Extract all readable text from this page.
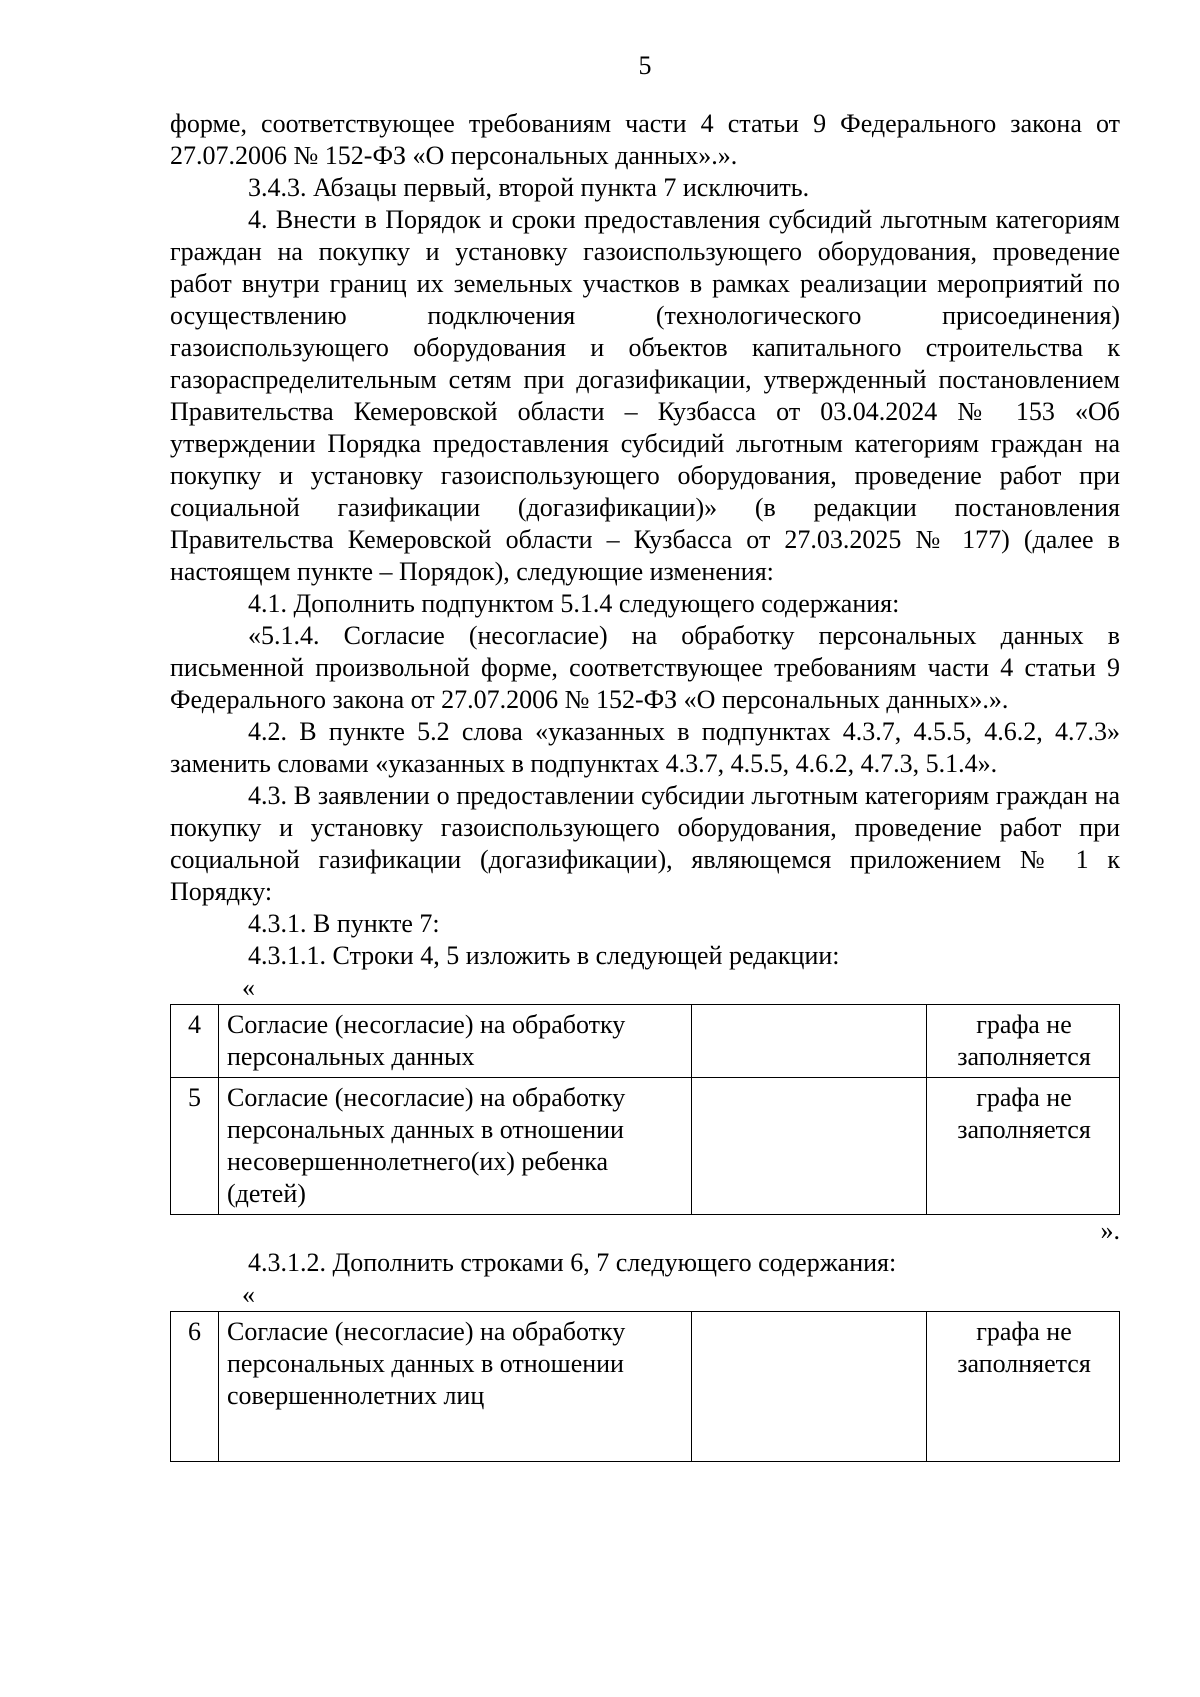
5

форме, соответствующее требованиям части 4 статьи 9 Федерального закона от 27.07.2006 № 152-ФЗ «О персональных данных».».

3.4.3. Абзацы первый, второй пункта 7 исключить.

4. Внести в Порядок и сроки предоставления субсидий льготным категориям граждан на покупку и установку газоиспользующего оборудования, проведение работ внутри границ их земельных участков в рамках реализации мероприятий по осуществлению подключения (технологического присоединения) газоиспользующего оборудования и объектов капитального строительства к газораспределительным сетям при догазификации, утвержденный постановлением Правительства Кемеровской области – Кузбасса от 03.04.2024 № 153 «Об утверждении Порядка предоставления субсидий льготным категориям граждан на покупку и установку газоиспользующего оборудования, проведение работ при социальной газификации (догазификации)» (в редакции постановления Правительства Кемеровской области – Кузбасса от 27.03.2025 № 177) (далее в настоящем пункте – Порядок), следующие изменения:

4.1. Дополнить подпунктом 5.1.4 следующего содержания:

«5.1.4. Согласие (несогласие) на обработку персональных данных в письменной произвольной форме, соответствующее требованиям части 4 статьи 9 Федерального закона от 27.07.2006 № 152-ФЗ «О персональных данных».».

4.2. В пункте 5.2 слова «указанных в подпунктах 4.3.7, 4.5.5, 4.6.2, 4.7.3» заменить словами «указанных в подпунктах 4.3.7, 4.5.5, 4.6.2, 4.7.3, 5.1.4».

4.3. В заявлении о предоставлении субсидии льготным категориям граждан на покупку и установку газоиспользующего оборудования, проведение работ при социальной газификации (догазификации), являющемся приложением № 1 к Порядку:

4.3.1. В пункте 7:

4.3.1.1. Строки 4, 5 изложить в следующей редакции:

«

4	Согласие (несогласие) на обработку персональных данных		графа не заполняется
5	Согласие (несогласие) на обработку персональных данных в отношении несовершеннолетнего(их) ребенка (детей)		графа не заполняется

».

4.3.1.2. Дополнить строками 6, 7 следующего содержания:

«

6	Согласие (несогласие) на обработку персональных данных в отношении совершеннолетних лиц		графа не заполняется
